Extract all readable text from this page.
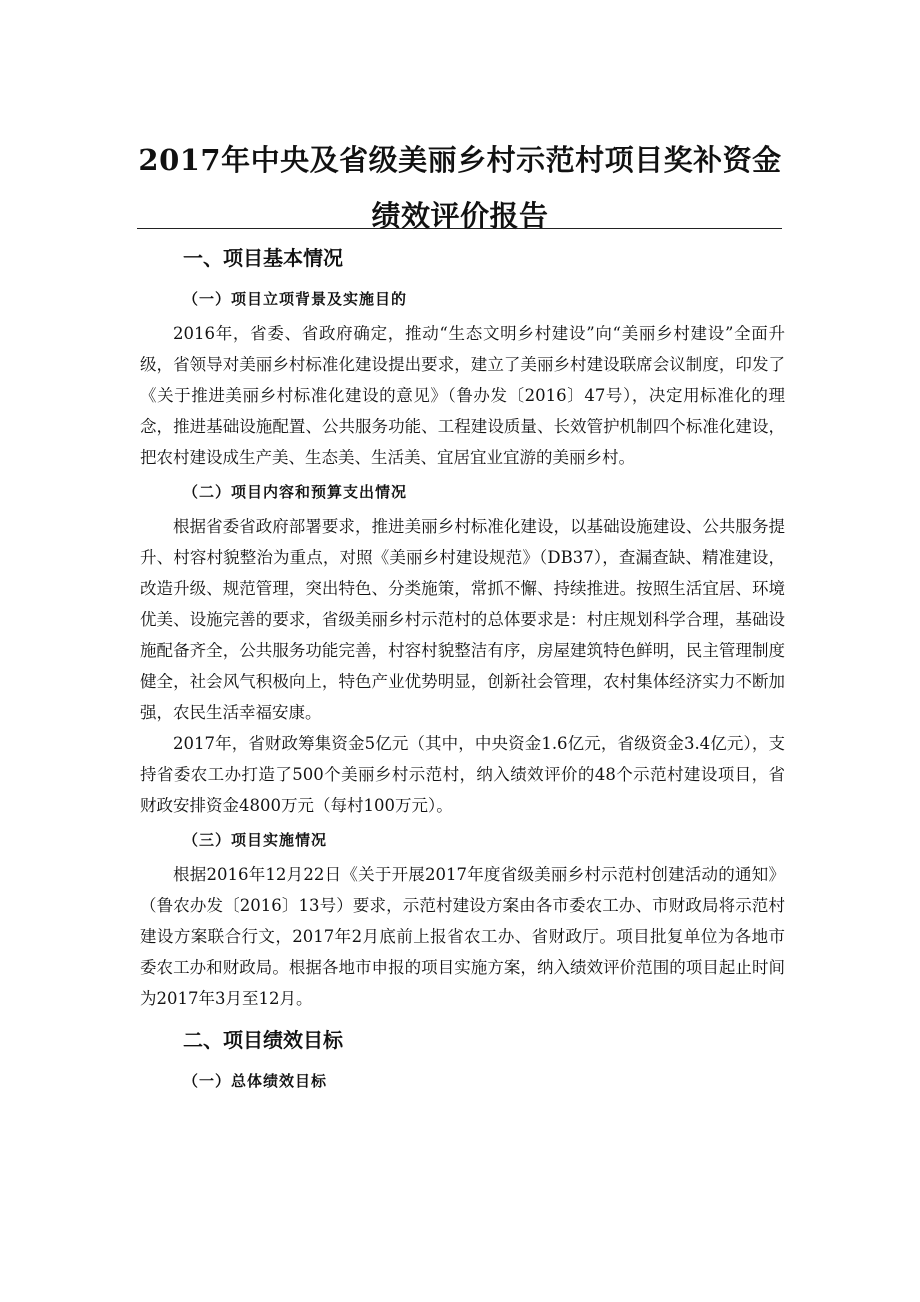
2017年中央及省级美丽乡村示范村项目奖补资金
绩效评价报告
一、项目基本情况
（一）项目立项背景及实施目的

2016年，省委、省政府确定，推动“生态文明乡村建设”向“美丽乡村建设”全面升级，省领导对美丽乡村标准化建设提出要求，建立了美丽乡村建设联席会议制度，印发了《关于推进美丽乡村标准化建设的意见》（鲁办发〔2016〕47号），决定用标准化的理念，推进基础设施配置、公共服务功能、工程建设质量、长效管护机制四个标准化建设，把农村建设成生产美、生态美、生活美、宜居宜业宜游的美丽乡村。

（二）项目内容和预算支出情况

根据省委省政府部署要求，推进美丽乡村标准化建设，以基础设施建设、公共服务提升、村容村貌整治为重点，对照《美丽乡村建设规范》（DB37），查漏查缺、精准建设，改造升级、规范管理，突出特色、分类施策，常抓不懈、持续推进。按照生活宜居、环境优美、设施完善的要求，省级美丽乡村示范村的总体要求是：村庄规划科学合理，基础设施配备齐全，公共服务功能完善，村容村貌整洁有序，房屋建筑特色鲜明，民主管理制度健全，社会风气积极向上，特色产业优势明显，创新社会管理，农村集体经济实力不断加强，农民生活幸福安康。

2017年，省财政筹集资金5亿元（其中，中央资金1.6亿元，省级资金3.4亿元），支持省委农工办打造了500个美丽乡村示范村，纳入绩效评价的48个示范村建设项目，省财政安排资金4800万元（每村100万元）。

（三）项目实施情况

根据2016年12月22日《关于开展2017年度省级美丽乡村示范村创建活动的通知》（鲁农办发〔2016〕13号）要求，示范村建设方案由各市委农工办、市财政局将示范村建设方案联合行文，2017年2月底前上报省农工办、省财政厅。项目批复单位为各地市委农工办和财政局。根据各地市申报的项目实施方案，纳入绩效评价范围的项目起止时间为2017年3月至12月。

二、项目绩效目标
（一）总体绩效目标
